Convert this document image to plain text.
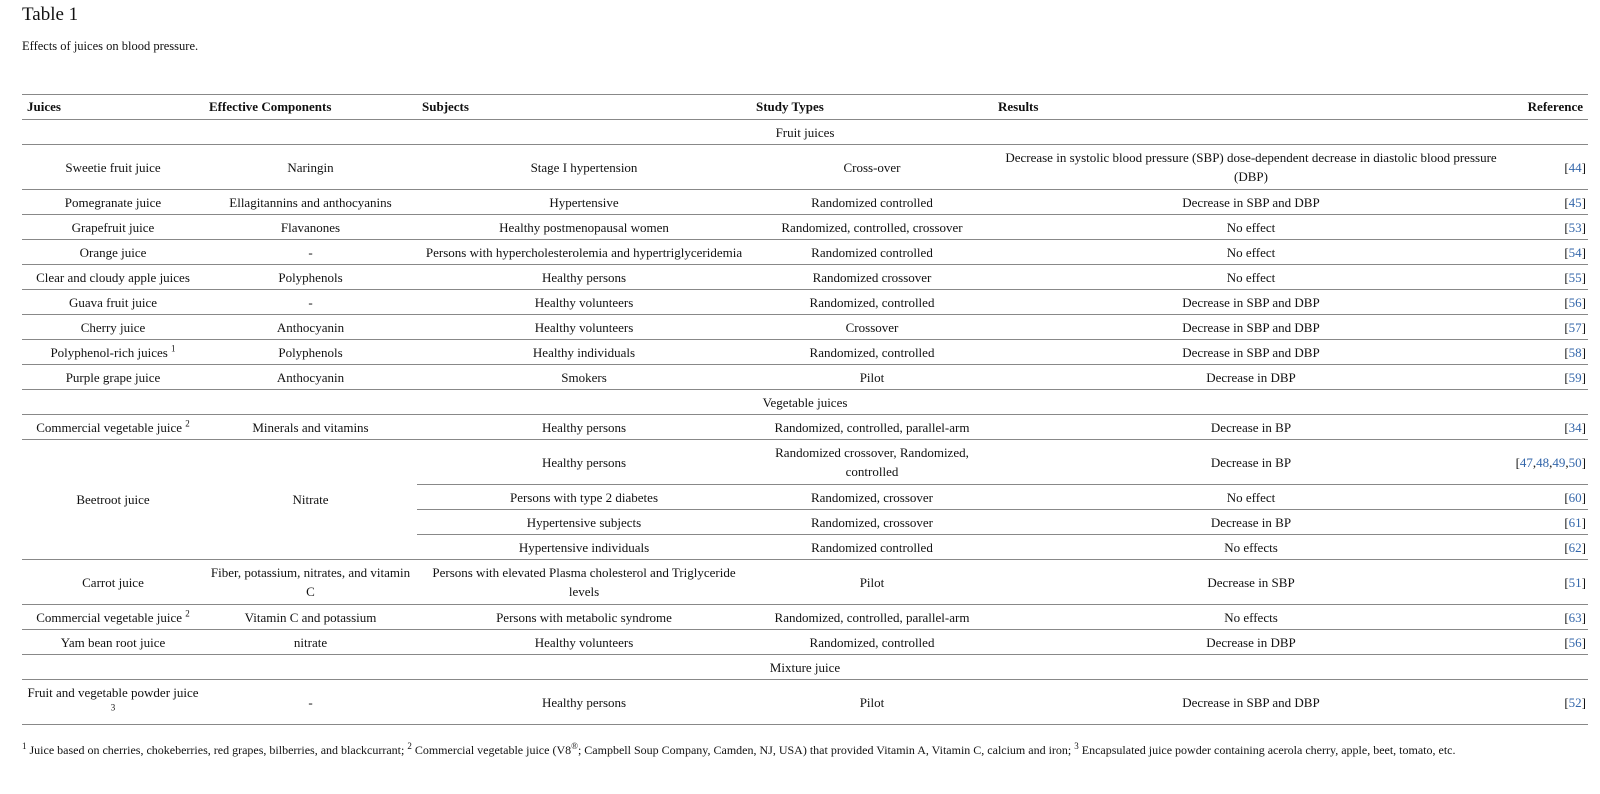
Table 1
Effects of juices on blood pressure.
Juices	Effective Components	Subjects	Study Types	Results	Reference
Fruit juices					
Sweetie fruit juice	Naringin	Stage I hypertension	Cross-over	Decrease in systolic blood pressure (SBP) dose-dependent decrease in diastolic blood pressure (DBP)	[44]
Pomegranate juice	Ellagitannins and anthocyanins	Hypertensive	Randomized controlled	Decrease in SBP and DBP	[45]
Grapefruit juice	Flavanones	Healthy postmenopausal women	Randomized, controlled, crossover	No effect	[53]
Orange juice	-	Persons with hypercholesterolemia and hypertriglyceridemia	Randomized controlled	No effect	[54]
Clear and cloudy apple juices	Polyphenols	Healthy persons	Randomized crossover	No effect	[55]
Guava fruit juice	-	Healthy volunteers	Randomized, controlled	Decrease in SBP and DBP	[56]
Cherry juice	Anthocyanin	Healthy volunteers	Crossover	Decrease in SBP and DBP	[57]
Polyphenol-rich juices $^1$	Polyphenols	Healthy individuals	Randomized, controlled	Decrease in SBP and DBP	[58]
Purple grape juice	Anthocyanin	Smokers	Pilot	Decrease in DBP	[59]
Vegetable juices					
Commercial vegetable juice $^2$	Minerals and vitamins	Healthy persons	Randomized, controlled, parallel-arm	Decrease in BP	[34]
Beetroot juice	Nitrate	Healthy persons	Randomized crossover, Randomized, controlled	Decrease in BP	[47,48,49,50]
		Persons with type 2 diabetes	Randomized, crossover	No effect	[60]
		Hypertensive subjects	Randomized, crossover	Decrease in BP	[61]
		Hypertensive individuals	Randomized controlled	No effects	[62]
Carrot juice	Fiber, potassium, nitrates, and vitamin C	Persons with elevated Plasma cholesterol and Triglyceride levels	Pilot	Decrease in SBP	[51]
Commercial vegetable juice $^2$	Vitamin C and potassium	Persons with metabolic syndrome	Randomized, controlled, parallel-arm	No effects	[63]
Yam bean root juice	nitrate	Healthy volunteers	Randomized, controlled	Decrease in DBP	[56]
Mixture juice					
Fruit and vegetable powder juice $^3$	-	Healthy persons	Pilot	Decrease in SBP and DBP	[52]
$^1$ Juice based on cherries, chokeberries, red grapes, bilberries, and blackcurrant; $^2$ Commercial vegetable juice (V8®; Campbell Soup Company, Camden, NJ, USA) that provided Vitamin A, Vitamin C, calcium and iron; $^3$ Encapsulated juice powder containing acerola cherry, apple, beet, tomato, etc.
